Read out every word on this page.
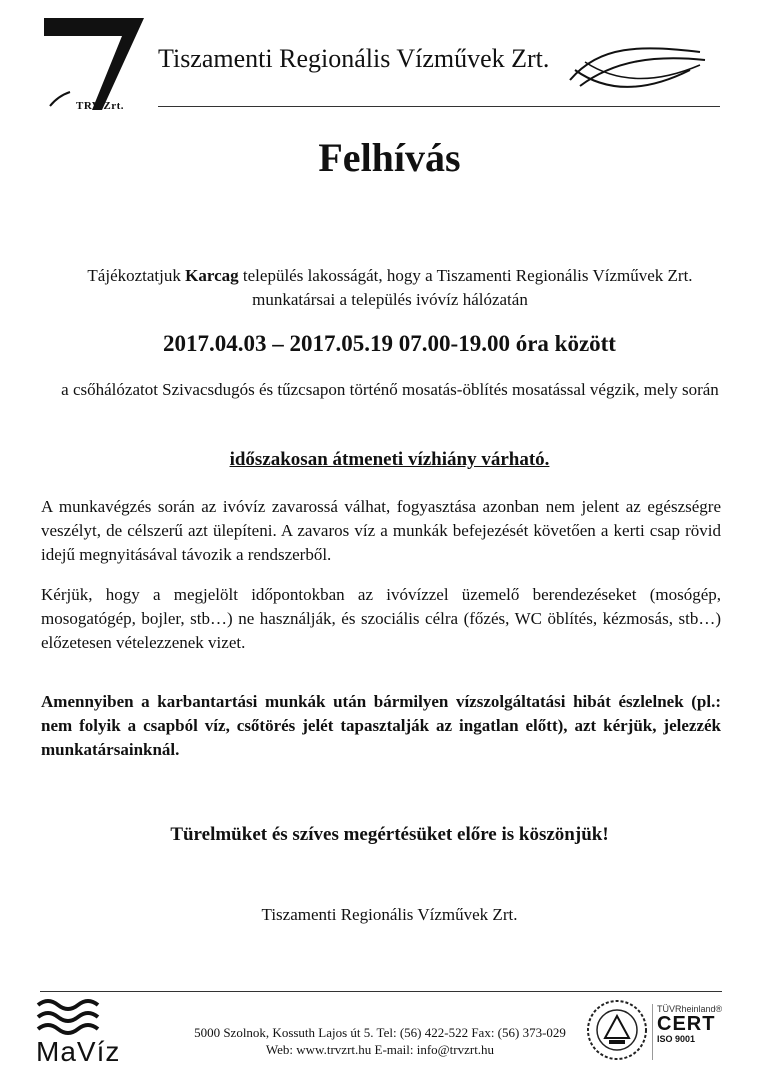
TRV Zrt.
Tiszamenti Regionális Vízművek Zrt.
Felhívás
Tájékoztatjuk Karcag település lakosságát, hogy a Tiszamenti Regionális Vízművek Zrt. munkatársai a település ivóvíz hálózatán
2017.04.03 – 2017.05.19 07.00-19.00 óra között
a csőhálózatot Szivacsdugós és tűzcsapon történő mosatás-öblítés mosatással végzik, mely során
időszakosan átmeneti vízhiány várható.
A munkavégzés során az ivóvíz zavarossá válhat, fogyasztása azonban nem jelent az egészségre veszélyt, de célszerű azt ülepíteni. A zavaros víz a munkák befejezését követően a kerti csap rövid idejű megnyitásával távozik a rendszerből.
Kérjük, hogy a megjelölt időpontokban az ivóvízzel üzemelő berendezéseket (mosógép, mosogatógép, bojler, stb…) ne használják, és szociális célra (főzés, WC öblítés, kézmosás, stb…) előzetesen vételezzenek vizet.
Amennyiben a karbantartási munkák után bármilyen vízszolgáltatási hibát észlelnek (pl.: nem folyik a csapból víz, csőtörés jelét tapasztalják az ingatlan előtt), azt kérjük, jelezzék munkatársainknál.
Türelmüket és szíves megértésüket előre is köszönjük!
Tiszamenti Regionális Vízművek Zrt.
MaVíz
5000 Szolnok, Kossuth Lajos út 5. Tel: (56) 422-522 Fax: (56) 373-029
Web: www.trvzrt.hu E-mail: info@trvzrt.hu
TÜVRheinland®
CERT
ISO 9001
